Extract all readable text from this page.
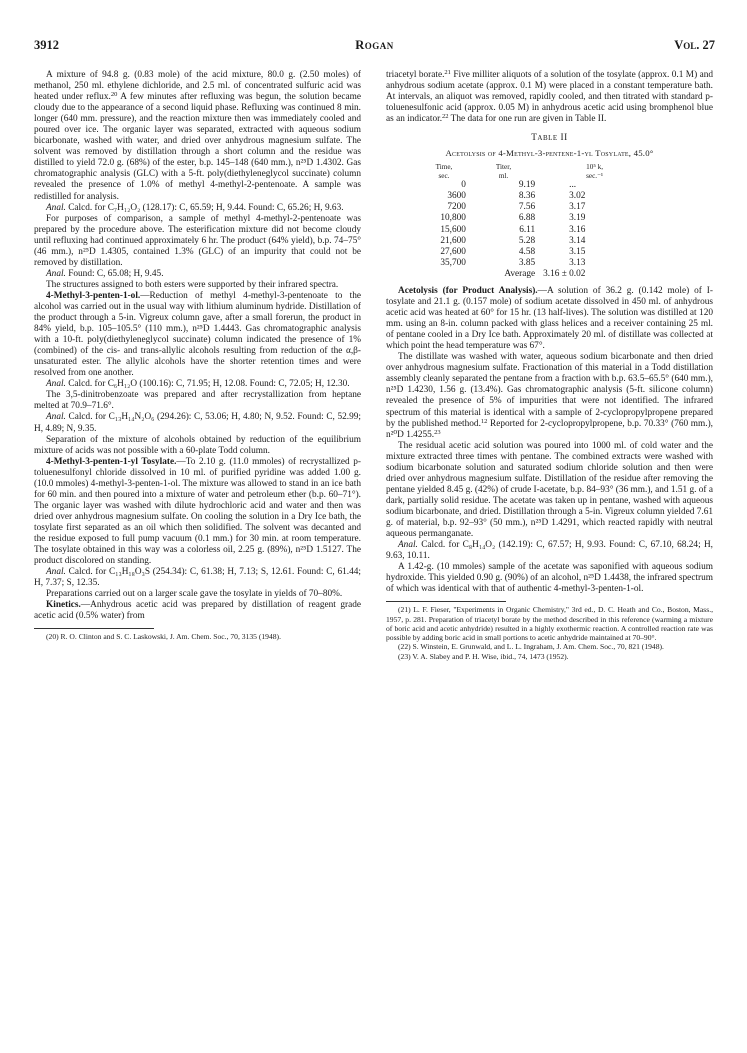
3912	Rogan	Vol. 27

A mixture of 94.8 g. (0.83 mole) of the acid mixture, 80.0 g. (2.50 moles) of methanol, 250 ml. ethylene dichloride, and 2.5 ml. of concentrated sulfuric acid was heated under reflux.$^{20}$ A few minutes after refluxing was begun, the solution became cloudy due to the appearance of a second liquid phase. Refluxing was continued 8 min. longer (640 mm. pressure), and the reaction mixture then was immediately cooled and poured over ice. The organic layer was separated, extracted with aqueous sodium bicarbonate, washed with water, and dried over anhydrous magnesium sulfate. The solvent was removed by distillation through a short column and the residue was distilled to yield 72.0 g. (68%) of the ester, b.p. 145–148 (640 mm.), n²⁵D 1.4302. Gas chromatographic analysis (GLC) with a 5-ft. poly(diethyleneglycol succinate) column revealed the presence of 1.0% of methyl 4-methyl-2-pentenoate. A sample was redistilled for analysis.

Anal. Calcd. for C₇H₁₂O₂ (128.17): C, 65.59; H, 9.44. Found: C, 65.26; H, 9.63.

For purposes of comparison, a sample of methyl 4-methyl-2-pentenoate was prepared by the procedure above. The esterification mixture did not become cloudy until refluxing had continued approximately 6 hr. The product (64% yield), b.p. 74–75° (46 mm.), n²⁵D 1.4305, contained 1.3% (GLC) of an impurity that could not be removed by distillation.

Anal. Found: C, 65.08; H, 9.45.

The structures assigned to both esters were supported by their infrared spectra.

4-Methyl-3-penten-1-ol.—Reduction of methyl 4-methyl-3-pentenoate to the alcohol was carried out in the usual way with lithium aluminum hydride. Distillation of the product through a 5-in. Vigreux column gave, after a small forerun, the product in 84% yield, b.p. 105–105.5° (110 mm.), n²⁵D 1.4443. Gas chromatographic analysis with a 10-ft. poly(diethyleneglycol succinate) column indicated the presence of 1% (combined) of the cis- and trans-allylic alcohols resulting from reduction of the α,β-unsaturated ester. The allylic alcohols have the shorter retention times and were resolved from one another.

Anal. Calcd. for C₆H₁₂O (100.16): C, 71.95; H, 12.08. Found: C, 72.05; H, 12.30.

The 3,5-dinitrobenzoate was prepared and after recrystallization from heptane melted at 70.9–71.6°.

Anal. Calcd. for C₁₃H₁₄N₂O₆ (294.26): C, 53.06; H, 4.80; N, 9.52. Found: C, 52.99; H, 4.89; N, 9.35.

Separation of the mixture of alcohols obtained by reduction of the equilibrium mixture of acids was not possible with a 60-plate Todd column.

4-Methyl-3-penten-1-yl Tosylate.—To 2.10 g. (11.0 mmoles) of recrystallized p-toluenesulfonyl chloride dissolved in 10 ml. of purified pyridine was added 1.00 g. (10.0 mmoles) 4-methyl-3-penten-1-ol. The mixture was allowed to stand in an ice bath for 60 min. and then poured into a mixture of water and petroleum ether (b.p. 60–71°). The organic layer was washed with dilute hydrochloric acid and water and then was dried over anhydrous magnesium sulfate. On cooling the solution in a Dry Ice bath, the tosylate first separated as an oil which then solidified. The solvent was decanted and the residue exposed to full pump vacuum (0.1 mm.) for 30 min. at room temperature. The tosylate obtained in this way was a colorless oil, 2.25 g. (89%), n²⁵D 1.5127. The product discolored on standing.

Anal. Calcd. for C₁₃H₁₈O₃S (254.34): C, 61.38; H, 7.13; S, 12.61. Found: C, 61.44; H, 7.37; S, 12.35.

Preparations carried out on a larger scale gave the tosylate in yields of 70–80%.

Kinetics.—Anhydrous acetic acid was prepared by distillation of reagent grade acetic acid (0.5% water) from

(20) R. O. Clinton and S. C. Laskowski, J. Am. Chem. Soc., 70, 3135 (1948).

triacetyl borate.$^{21}$ Five milliter aliquots of a solution of the tosylate (approx. 0.1 M) and anhydrous sodium acetate (approx. 0.1 M) were placed in a constant temperature bath. At intervals, an aliquot was removed, rapidly cooled, and then titrated with standard p-toluenesulfonic acid (approx. 0.05 M) in anhydrous acetic acid using bromphenol blue as an indicator.$^{22}$ The data for one run are given in Table II.

Table II
Acetolysis of 4-Methyl-3-pentene-1-yl Tosylate, 45.0°
Time,	Titer,	10⁵ k,
sec.	ml.	sec.⁻¹
0	9.19	...
3600	8.36	3.02
7200	7.56	3.17
10,800	6.88	3.19
15,600	6.11	3.16
21,600	5.28	3.14
27,600	4.58	3.15
35,700	3.85	3.13
	Average	3.16 ± 0.02

Acetolysis (for Product Analysis).—A solution of 36.2 g. (0.142 mole) of I-tosylate and 21.1 g. (0.157 mole) of sodium acetate dissolved in 450 ml. of anhydrous acetic acid was heated at 60° for 15 hr. (13 half-lives). The solution was distilled at 120 mm. using an 8-in. column packed with glass helices and a receiver containing 25 ml. of pentane cooled in a Dry Ice bath. Approximately 20 ml. of distillate was collected at which point the head temperature was 67°.

The distillate was washed with water, aqueous sodium bicarbonate and then dried over anhydrous magnesium sulfate. Fractionation of this material in a Todd distillation assembly cleanly separated the pentane from a fraction with b.p. 63.5–65.5° (640 mm.), n²⁵D 1.4230, 1.56 g. (13.4%). Gas chromatographic analysis (5-ft. silicone column) revealed the presence of 5% of impurities that were not identified. The infrared spectrum of this material is identical with a sample of 2-cyclopropylpropene prepared by the published method.$^{12}$ Reported for 2-cyclopropylpropene, b.p. 70.33° (760 mm.), n²⁰D 1.4255.23

The residual acetic acid solution was poured into 1000 ml. of cold water and the mixture extracted three times with pentane. The combined extracts were washed with sodium bicarbonate solution and saturated sodium chloride solution and then were dried over anhydrous magnesium sulfate. Distillation of the residue after removing the pentane yielded 8.45 g. (42%) of crude I-acetate, b.p. 84–93° (36 mm.), and 1.51 g. of a dark, partially solid residue. The acetate was taken up in pentane, washed with aqueous sodium bicarbonate, and dried. Distillation through a 5-in. Vigreux column yielded 7.61 g. of material, b.p. 92–93° (50 mm.), n²⁵D 1.4291, which reacted rapidly with neutral aqueous permanganate.

Anal. Calcd. for C₈H₁₄O₂ (142.19): C, 67.57; H, 9.93. Found: C, 67.10, 68.24; H, 9.63, 10.11.

A 1.42-g. (10 mmoles) sample of the acetate was saponified with aqueous sodium hydroxide. This yielded 0.90 g. (90%) of an alcohol, n²⁵D 1.4438, the infrared spectrum of which was identical with that of authentic 4-methyl-3-penten-1-ol.

(21) L. F. Fieser, "Experiments in Organic Chemistry," 3rd ed., D. C. Heath and Co., Boston, Mass., 1957, p. 281. Preparation of triacetyl borate by the method described in this reference (warming a mixture of boric acid and acetic anhydride) resulted in a highly exothermic reaction. A controlled reaction rate was possible by adding boric acid in small portions to acetic anhydride maintained at 70–90°.

(22) S. Winstein, E. Grunwald, and L. L. Ingraham, J. Am. Chem. Soc., 70, 821 (1948).

(23) V. A. Slabey and P. H. Wise, ibid., 74, 1473 (1952).
